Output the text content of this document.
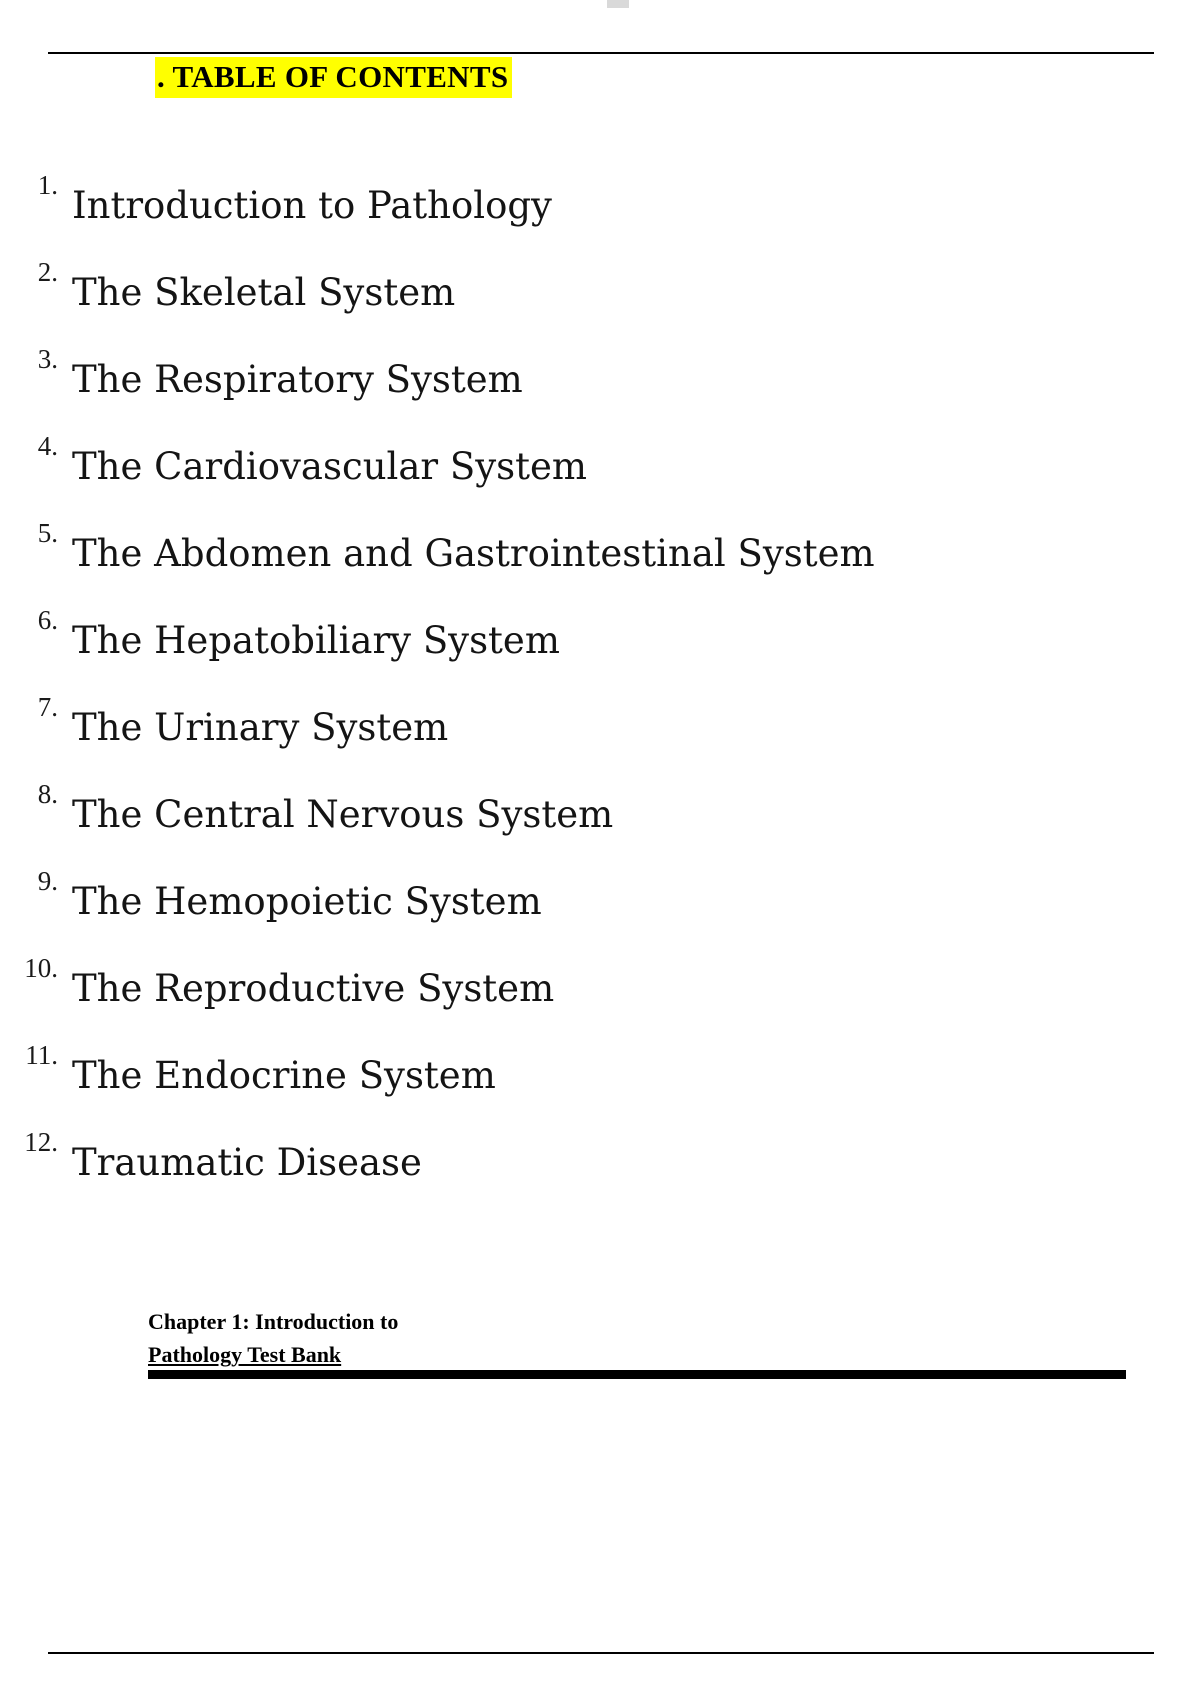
. TABLE OF CONTENTS
1. Introduction to Pathology
2. The Skeletal System
3. The Respiratory System
4. The Cardiovascular System
5. The Abdomen and Gastrointestinal System
6. The Hepatobiliary System
7. The Urinary System
8. The Central Nervous System
9. The Hemopoietic System
10. The Reproductive System
11. The Endocrine System
12. Traumatic Disease
Chapter 1: Introduction to
Pathology Test Bank
